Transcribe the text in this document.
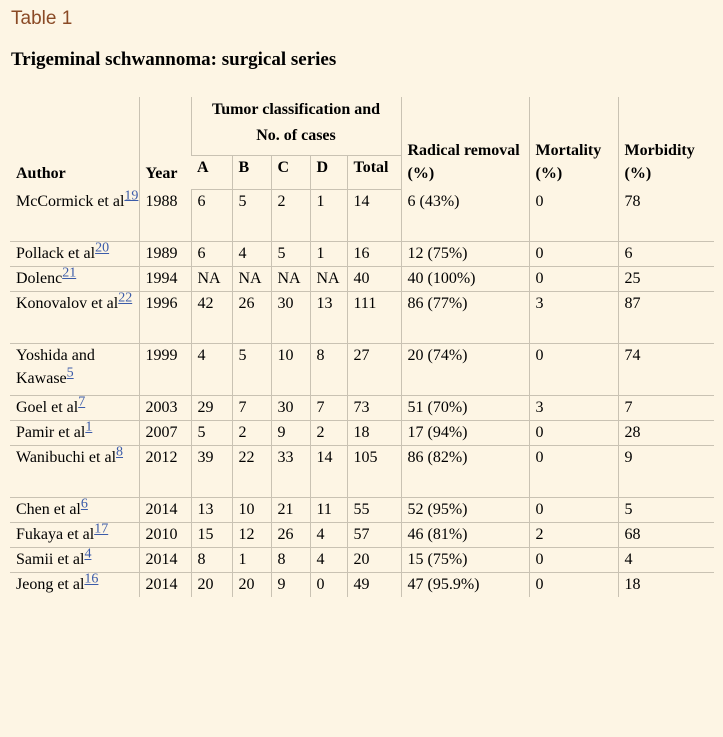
Table 1
Trigeminal schwannoma: surgical series
Author	Year	Tumor classification and No. of cases					Radical removal (%)	Mortality (%)	Morbidity (%)
		A	B	C	D	Total			
McCormick et al19	1988	6	5	2	1	14	6 (43%)	0	78
Pollack et al20	1989	6	4	5	1	16	12 (75%)	0	6
Dolenc21	1994	NA	NA	NA	NA	40	40 (100%)	0	25
Konovalov et al22	1996	42	26	30	13	111	86 (77%)	3	87
Yoshida and Kawase5	1999	4	5	10	8	27	20 (74%)	0	74
Goel et al7	2003	29	7	30	7	73	51 (70%)	3	7
Pamir et al1	2007	5	2	9	2	18	17 (94%)	0	28
Wanibuchi et al8	2012	39	22	33	14	105	86 (82%)	0	9
Chen et al6	2014	13	10	21	11	55	52 (95%)	0	5
Fukaya et al17	2010	15	12	26	4	57	46 (81%)	2	68
Samii et al4	2014	8	1	8	4	20	15 (75%)	0	4
Jeong et al16	2014	20	20	9	0	49	47 (95.9%)	0	18
